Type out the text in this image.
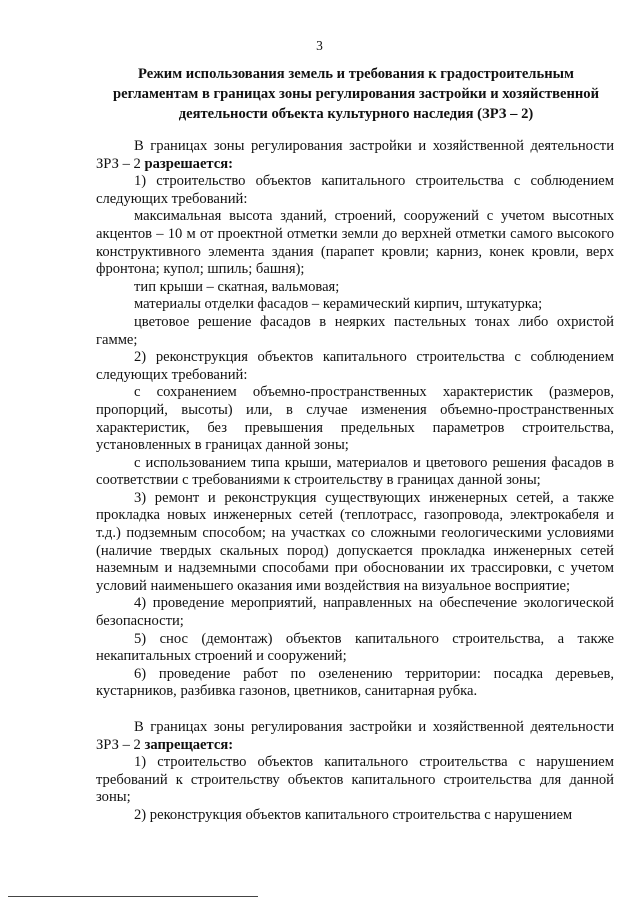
3
Режим использования земель и требования к градостроительным регламентам в границах зоны регулирования застройки и хозяйственной деятельности объекта культурного наследия (ЗРЗ – 2)

В границах зоны регулирования застройки и хозяйственной деятельности ЗРЗ – 2 разрешается:

1) строительство объектов капитального строительства с соблюдением следующих требований:

максимальная высота зданий, строений, сооружений с учетом высотных акцентов – 10 м от проектной отметки земли до верхней отметки самого высокого конструктивного элемента здания (парапет кровли; карниз, конек кровли, верх фронтона; купол; шпиль; башня);

тип крыши – скатная, вальмовая;

материалы отделки фасадов – керамический кирпич, штукатурка;

цветовое решение фасадов в неярких пастельных тонах либо охристой гамме;

2) реконструкция объектов капитального строительства с соблюдением следующих требований:

с сохранением объемно-пространственных характеристик (размеров, пропорций, высоты) или, в случае изменения объемно-пространственных характеристик, без превышения предельных параметров строительства, установленных в границах данной зоны;

с использованием типа крыши, материалов и цветового решения фасадов в соответствии с требованиями к строительству в границах данной зоны;

3) ремонт и реконструкция существующих инженерных сетей, а также прокладка новых инженерных сетей (теплотрасс, газопровода, электрокабеля и т.д.) подземным способом; на участках со сложными геологическими условиями (наличие твердых скальных пород) допускается прокладка инженерных сетей наземным и надземными способами при обосновании их трассировки, с учетом условий наименьшего оказания ими воздействия на визуальное восприятие;

4) проведение мероприятий, направленных на обеспечение экологической безопасности;

5) снос (демонтаж) объектов капитального строительства, а также некапитальных строений и сооружений;

6) проведение работ по озеленению территории: посадка деревьев, кустарников, разбивка газонов, цветников, санитарная рубка.

В границах зоны регулирования застройки и хозяйственной деятельности ЗРЗ – 2 запрещается:

1) строительство объектов капитального строительства с нарушением требований к строительству объектов капитального строительства для данной зоны;

2) реконструкция объектов капитального строительства с нарушением
